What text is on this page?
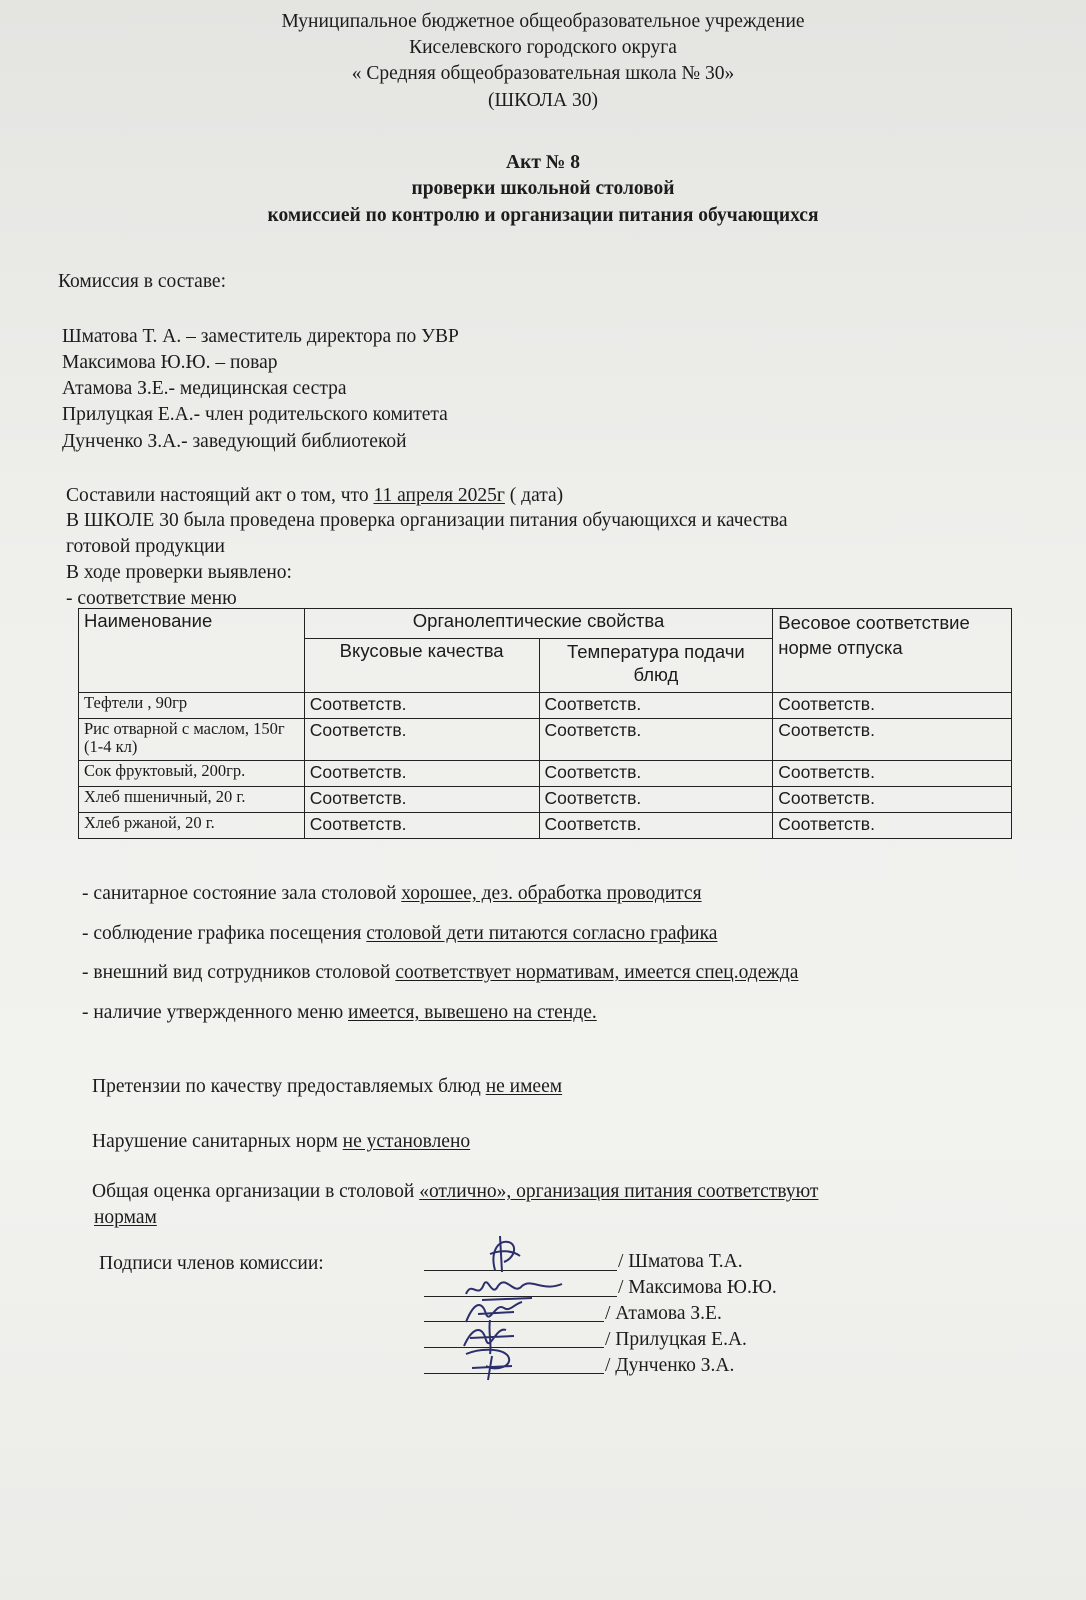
Муниципальное бюджетное общеобразовательное учреждение
Киселевского городского округа
« Средняя общеобразовательная школа № 30»
(ШКОЛА 30)
Акт № 8
проверки школьной столовой
комиссией по контролю и организации питания обучающихся
Комиссия в составе:
Шматова Т. А. – заместитель директора по УВР
Максимова Ю.Ю. – повар
Атамова З.Е.- медицинская сестра
Прилуцкая Е.А.- член родительского комитета
Дунченко З.А.- заведующий библиотекой
Составили настоящий акт о том, что 11 апреля 2025г ( дата)
В ШКОЛЕ 30 была проведена проверка организации питания обучающихся и качества
готовой продукции
В ходе проверки выявлено:
- соответствие меню
Наименование	Органолептические свойства		Весовое соответствие норме отпуска
	Вкусовые качества	Температура подачи блюд	
Тефтели , 90гр	Соответств.	Соответств.	Соответств.
Рис отварной с маслом, 150г (1-4 кл)	Соответств.	Соответств.	Соответств.
Сок фруктовый, 200гр.	Соответств.	Соответств.	Соответств.
Хлеб пшеничный, 20 г.	Соответств.	Соответств.	Соответств.
Хлеб ржаной, 20 г.	Соответств.	Соответств.	Соответств.
- санитарное состояние зала столовой хорошее, дез. обработка проводится
- соблюдение графика посещения столовой дети питаются согласно графика
- внешний вид сотрудников столовой соответствует нормативам, имеется спец.одежда
- наличие утвержденного меню имеется, вывешено на стенде.
Претензии по качеству предоставляемых блюд не имеем
Нарушение санитарных норм не установлено
Общая оценка организации в столовой «отлично», организация питания соответствуют
нормам
Подписи членов комиссии:	/ Шматова Т.А.
/ Максимова Ю.Ю.
/ Атамова З.Е.
/ Прилуцкая Е.А.
/ Дунченко З.А.
